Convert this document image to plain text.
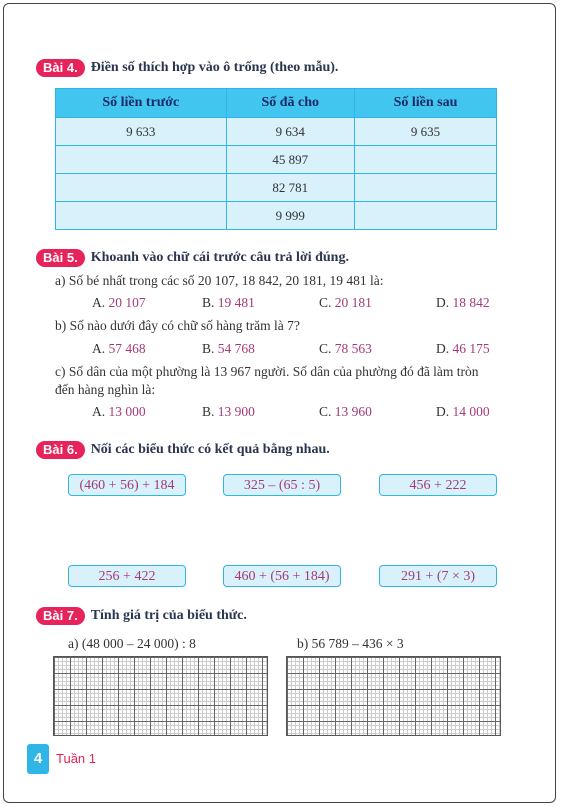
Bài 4. Điền số thích hợp vào ô trống (theo mẫu).
Số liền trước	Số đã cho	Số liền sau
9 633	9 634	9 635
	45 897	
	82 781	
	9 999	
Bài 5. Khoanh vào chữ cái trước câu trả lời đúng.
a) Số bé nhất trong các số 20 107, 18 842, 20 181, 19 481 là:
A. 20 107	B. 19 481	C. 20 181	D. 18 842
b) Số nào dưới đây có chữ số hàng trăm là 7?
A. 57 468	B. 54 768	C. 78 563	D. 46 175
c) Số dân của một phường là 13 967 người. Số dân của phường đó đã làm tròn
đến hàng nghìn là:
A. 13 000	B. 13 900	C. 13 960	D. 14 000
Bài 6. Nối các biểu thức có kết quả bằng nhau.
(460 + 56) + 184	325 – (65 : 5)	456 + 222
256 + 422	460 + (56 + 184)	291 + (7 × 3)
Bài 7. Tính giá trị của biểu thức.
a) (48 000 – 24 000) : 8	b) 56 789 – 436 × 3
4	Tuần 1
